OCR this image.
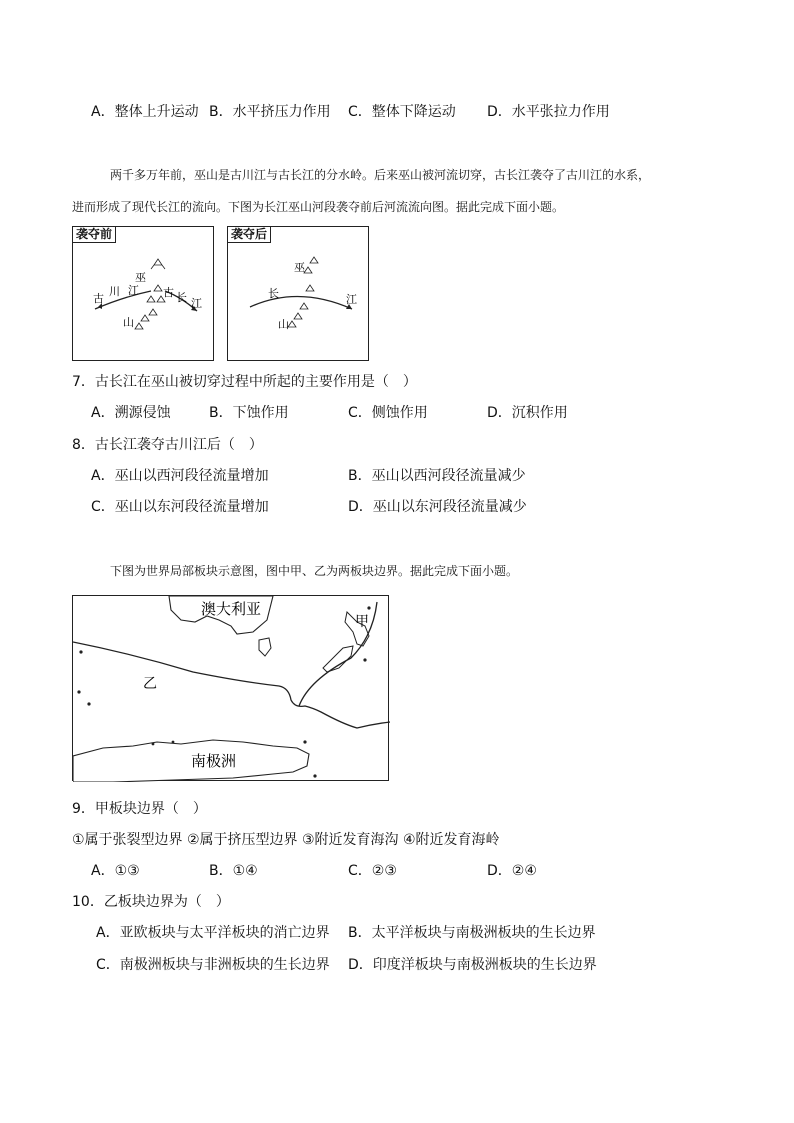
A．整体上升运动 B．水平挤压力作用 C．整体下降运动 D．水平张拉力作用
两千多万年前，巫山是古川江与古长江的分水岭。后来巫山被河流切穿，古长江袭夺了古川江的水系，
进而形成了现代长江的流向。下图为长江巫山河段袭夺前后河流流向图。据此完成下面小题。
袭夺前
古
川 江
巫
古 长 江
山
袭夺后
巫
长	江
山
7．古长江在巫山被切穿过程中所起的主要作用是（　）
A．溯源侵蚀	B．下蚀作用	C．侧蚀作用	D．沉积作用
8．古长江袭夺古川江后（　）
A．巫山以西河段径流量增加	B．巫山以西河段径流量减少
C．巫山以东河段径流量增加	D．巫山以东河段径流量减少
下图为世界局部板块示意图，图中甲、乙为两板块边界。据此完成下面小题。
澳大利亚
甲
乙
南极洲
9．甲板块边界（　）
①属于张裂型边界 ②属于挤压型边界 ③附近发育海沟 ④附近发育海岭
A．①③	B．①④	C．②③	D．②④
10．乙板块边界为（　）
A．亚欧板块与太平洋板块的消亡边界 B．太平洋板块与南极洲板块的生长边界
C．南极洲板块与非洲板块的生长边界 D．印度洋板块与南极洲板块的生长边界
